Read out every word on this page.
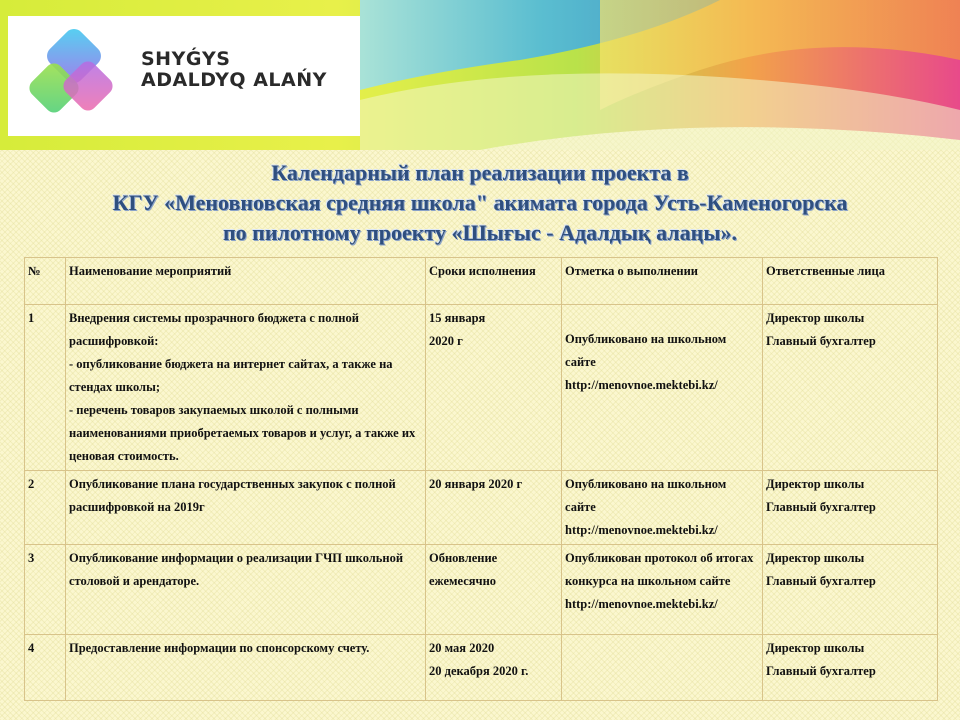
SHYǴYS
ADALDYQ ALAŃY
Календарный план реализации проекта в
КГУ «Меновновская средняя школа" акимата города Усть-Каменогорска
по пилотному проекту «Шығыс - Адалдық алаңы».
№	Наименование мероприятий	Сроки исполнения	Отметка о выполнении	Ответственные лица
1	Внедрения системы прозрачного бюджета с полной расшифровкой:
- опубликование бюджета на интернет сайтах, а также на стендах школы;
- перечень товаров закупаемых школой с полными наименованиями приобретаемых товаров и услуг, а также их ценовая стоимость.	15 января
2020 г	Опубликовано на школьном сайте
http://menovnoe.mektebi.kz/	Директор школы
Главный бухгалтер
2	Опубликование плана государственных закупок с полной расшифровкой на 2019г	20 января 2020 г	Опубликовано на школьном сайте
http://menovnoe.mektebi.kz/	Директор школы
Главный бухгалтер
3	Опубликование информации о реализации ГЧП школьной столовой и арендаторе.	Обновление ежемесячно	Опубликован протокол об итогах конкурса на школьном сайте
http://menovnoe.mektebi.kz/	Директор школы
Главный бухгалтер
4	Предоставление информации по спонсорскому счету.	20 мая 2020
20 декабря 2020 г.		Директор школы
Главный бухгалтер
